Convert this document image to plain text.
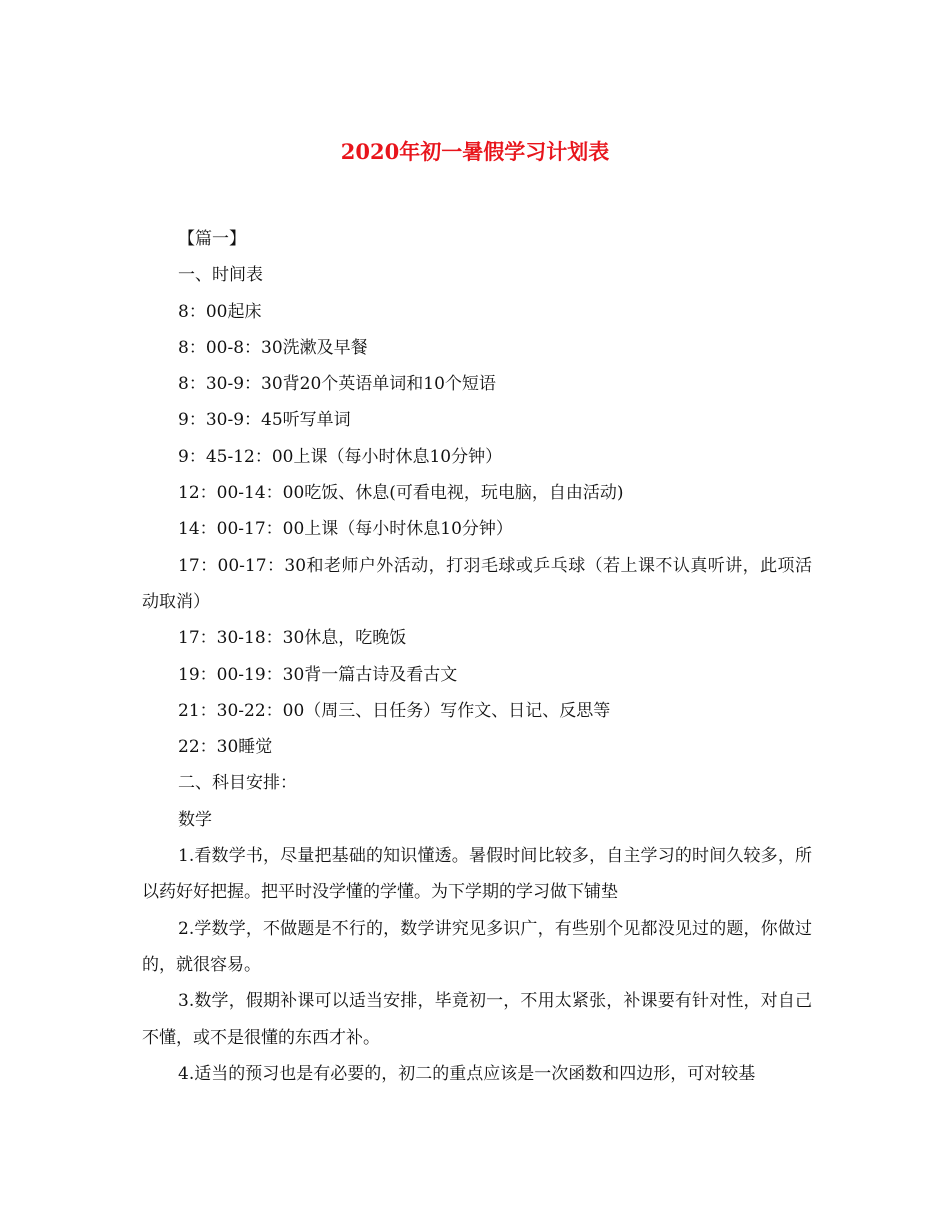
2020年初一暑假学习计划表
【篇一】
一、时间表
8：00起床
8：00-8：30洗漱及早餐
8：30-9：30背20个英语单词和10个短语
9：30-9：45听写单词
9：45-12：00上课（每小时休息10分钟）
12：00-14：00吃饭、休息(可看电视，玩电脑，自由活动)
14：00-17：00上课（每小时休息10分钟）
17：00-17：30和老师户外活动，打羽毛球或乒乓球（若上课不认真听讲，此项活动取消）
17：30-18：30休息，吃晚饭
19：00-19：30背一篇古诗及看古文
21：30-22：00（周三、日任务）写作文、日记、反思等
22：30睡觉
二、科目安排：
数学
1.看数学书，尽量把基础的知识懂透。暑假时间比较多，自主学习的时间久较多，所以药好好把握。把平时没学懂的学懂。为下学期的学习做下铺垫
2.学数学，不做题是不行的，数学讲究见多识广，有些别个见都没见过的题，你做过的，就很容易。
3.数学，假期补课可以适当安排，毕竟初一，不用太紧张，补课要有针对性，对自己不懂，或不是很懂的东西才补。
4.适当的预习也是有必要的，初二的重点应该是一次函数和四边形，可对较基
